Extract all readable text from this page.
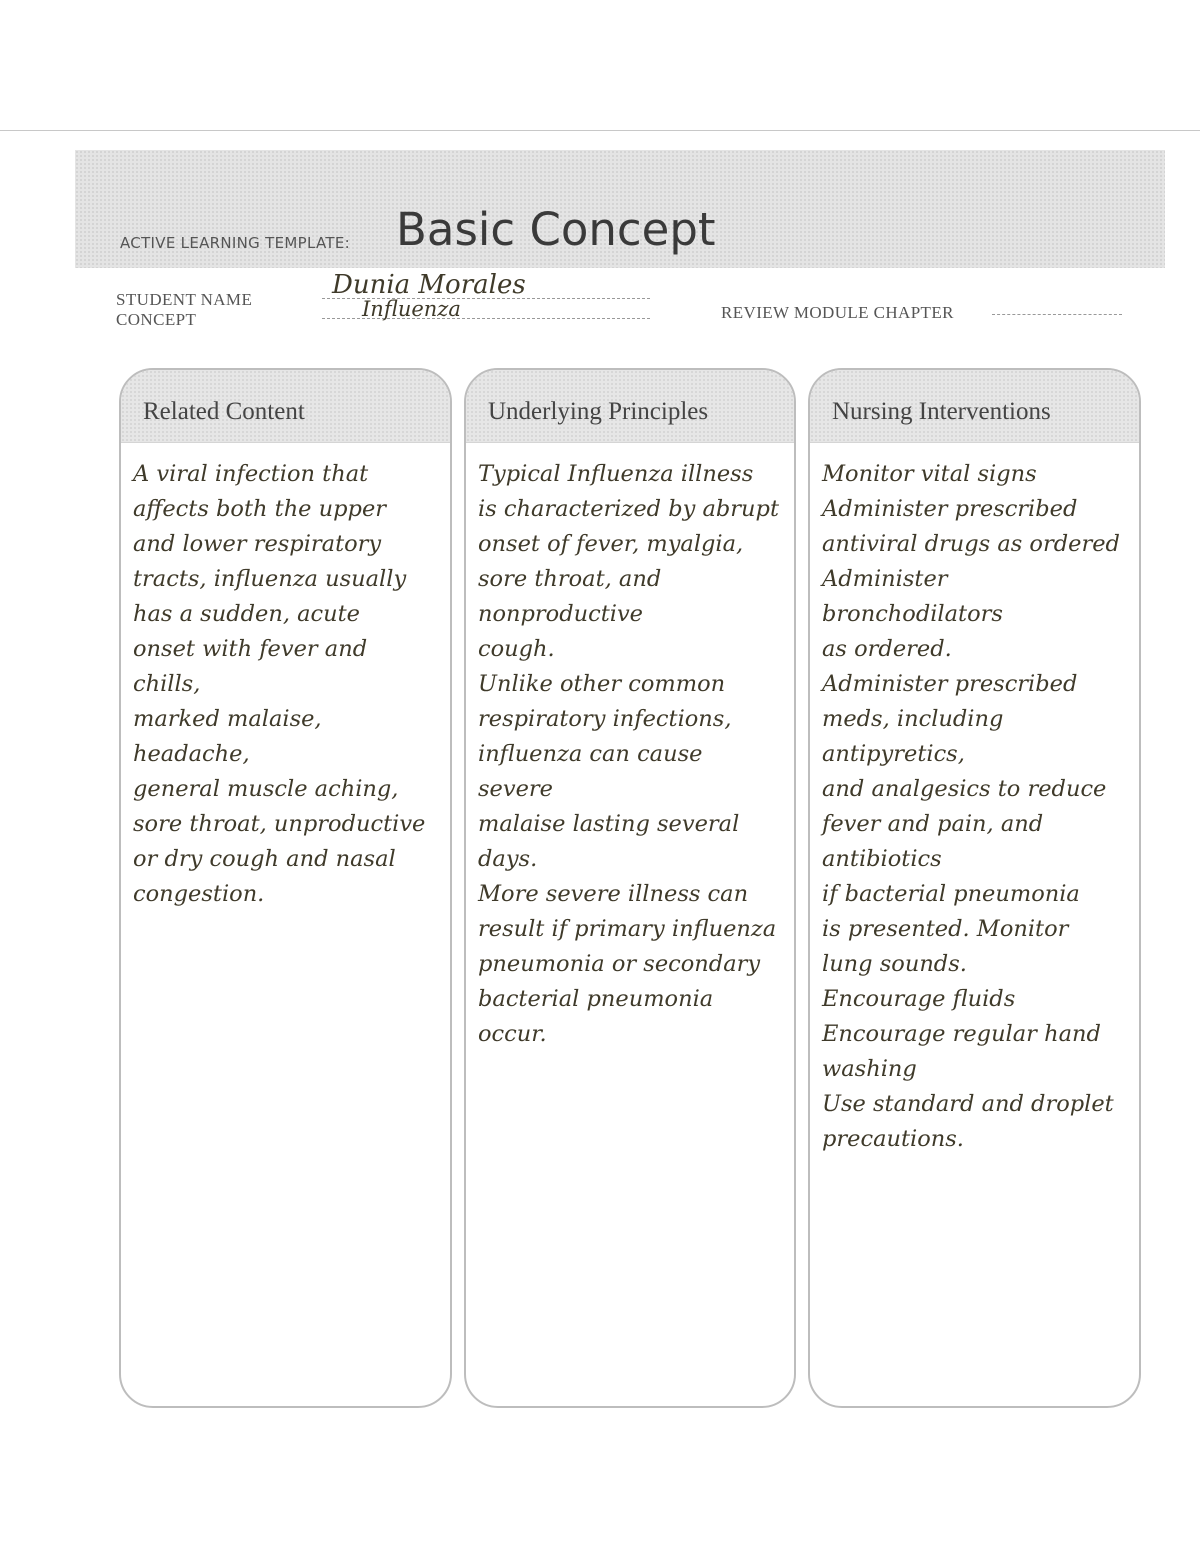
ACTIVE LEARNING TEMPLATE: Basic Concept
STUDENT NAME
CONCEPT
Dunia Morales
Influenza	REVIEW MODULE CHAPTER
Related Content
A viral infection that
affects both the upper
and lower respiratory
tracts, influenza usually
has a sudden, acute
onset with fever and chills,
marked malaise, headache,
general muscle aching,
sore throat, unproductive
or dry cough and nasal
congestion.
Underlying Principles
Typical Influenza illness
is characterized by abrupt
onset of fever, myalgia,
sore throat, and nonproductive
cough.
Unlike other common
respiratory infections,
influenza can cause severe
malaise lasting several
days.
More severe illness can
result if primary influenza
pneumonia or secondary
bacterial pneumonia
occur.
Nursing Interventions
Monitor vital signs
Administer prescribed
antiviral drugs as ordered
Administer bronchodilators
as ordered.
Administer prescribed
meds, including antipyretics,
and analgesics to reduce
fever and pain, and antibiotics
if bacterial pneumonia
is presented. Monitor
lung sounds.
Encourage fluids
Encourage regular hand
washing
Use standard and droplet
precautions.
